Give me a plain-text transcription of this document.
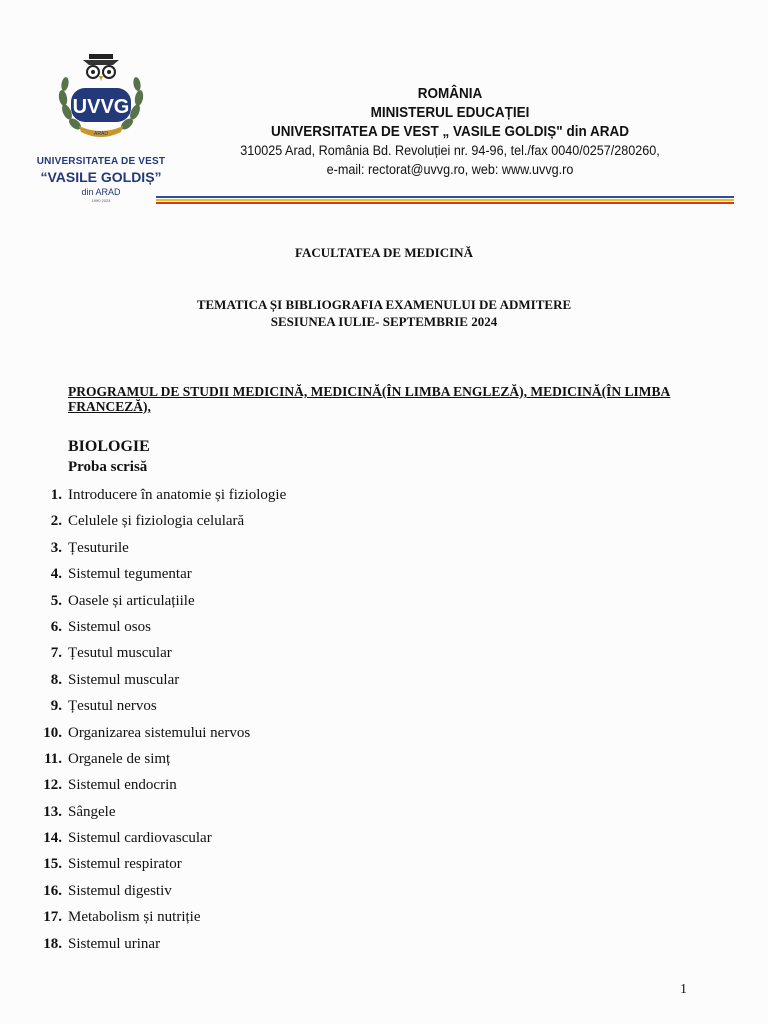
UVVG
ARAD
UNIVERSITATEA DE VEST
“VASILE GOLDIȘ”
din ARAD
1990 2024
ROMÂNIA
MINISTERUL EDUCAȚIEI
UNIVERSITATEA DE VEST „ VASILE GOLDIȘ" din ARAD
310025 Arad, România Bd. Revoluției nr. 94-96, tel./fax 0040/0257/280260,
e-mail: rectorat@uvvg.ro, web: www.uvvg.ro
FACULTATEA DE MEDICINĂ
TEMATICA ȘI BIBLIOGRAFIA EXAMENULUI DE ADMITERE
SESIUNEA IULIE- SEPTEMBRIE 2024
PROGRAMUL DE STUDII MEDICINĂ, MEDICINĂ(ÎN LIMBA ENGLEZĂ), MEDICINĂ(ÎN LIMBA FRANCEZĂ),
BIOLOGIE
Proba scrisă
1. Introducere în anatomie și fiziologie
2. Celulele și fiziologia celulară
3. Țesuturile
4. Sistemul tegumentar
5. Oasele și articulațiile
6. Sistemul osos
7. Țesutul muscular
8. Sistemul muscular
9. Țesutul nervos
10. Organizarea sistemului nervos
11. Organele de simț
12. Sistemul endocrin
13. Sângele
14. Sistemul cardiovascular
15. Sistemul respirator
16. Sistemul digestiv
17. Metabolism și nutriție
18. Sistemul urinar
1
